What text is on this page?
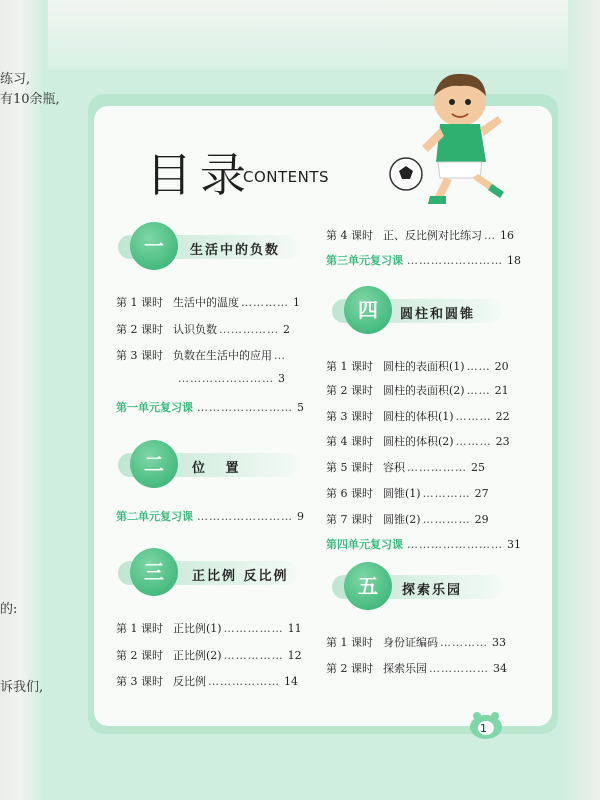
练习,
有10余瓶,
的:
诉我们,
目录
CONTENTS
一	生活中的负数
第 1 课时 生活中的温度 ………… 1
第 2 课时 认识负数 …………… 2
第 3 课时 负数在生活中的应用 …
…………………… 3
第一单元复习课 …………………… 5
二	位 置
第二单元复习课 …………………… 9
三	正比例 反比例
第 1 课时 正比例(1) …………… 11
第 2 课时 正比例(2) …………… 12
第 3 课时 反比例 ……………… 14
第 4 课时 正、反比例对比练习 … 16
第三单元复习课 …………………… 18
四	圆柱和圆锥
第 1 课时 圆柱的表面积(1) …… 20
第 2 课时 圆柱的表面积(2) …… 21
第 3 课时 圆柱的体积(1) ……… 22
第 4 课时 圆柱的体积(2) ……… 23
第 5 课时 容积 …………… 25
第 6 课时 圆锥(1) ………… 27
第 7 课时 圆锥(2) ………… 29
第四单元复习课 …………………… 31
五	探索乐园
第 1 课时 身份证编码 ………… 33
第 2 课时 探索乐园 …………… 34
1
